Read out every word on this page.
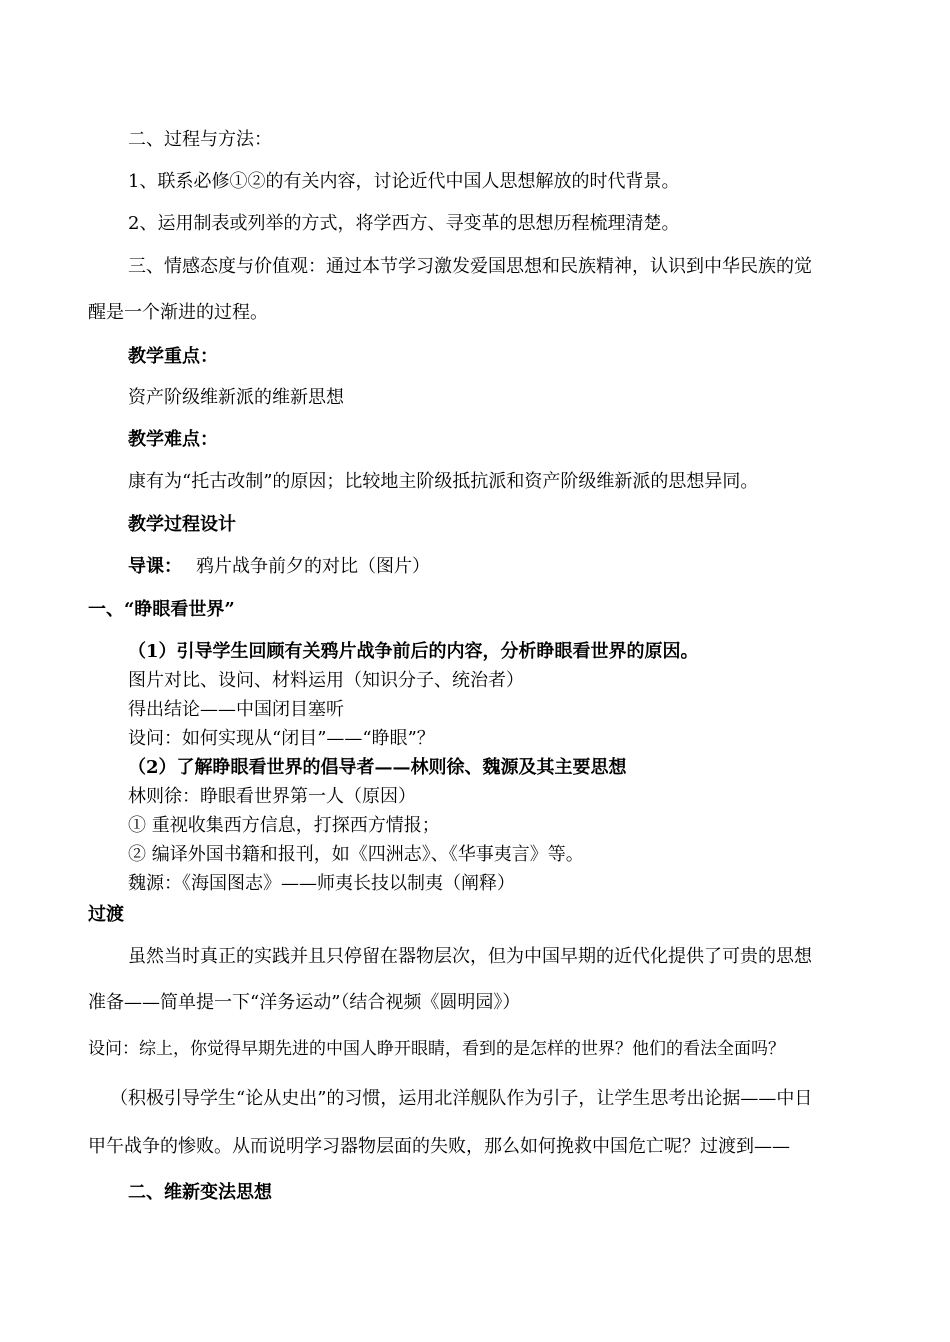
二、过程与方法：
1、联系必修①②的有关内容，讨论近代中国人思想解放的时代背景。
2、运用制表或列举的方式，将学西方、寻变革的思想历程梳理清楚。
三、情感态度与价值观：通过本节学习激发爱国思想和民族精神，认识到中华民族的觉
醒是一个渐进的过程。
教学重点：
资产阶级维新派的维新思想
教学难点：
康有为“托古改制”的原因；比较地主阶级抵抗派和资产阶级维新派的思想异同。
教学过程设计
导课： 鸦片战争前夕的对比（图片）
一、“睁眼看世界”
（1）引导学生回顾有关鸦片战争前后的内容，分析睁眼看世界的原因。
图片对比、设问、材料运用（知识分子、统治者）
得出结论——中国闭目塞听
设问：如何实现从“闭目”——“睁眼”？
（2）了解睁眼看世界的倡导者——林则徐、魏源及其主要思想
林则徐：睁眼看世界第一人（原因）
① 重视收集西方信息，打探西方情报；
② 编译外国书籍和报刊，如《四洲志》、《华事夷言》等。
魏源：《海国图志》——师夷长技以制夷（阐释）
过渡
虽然当时真正的实践并且只停留在器物层次，但为中国早期的近代化提供了可贵的思想
准备——简单提一下“洋务运动”（结合视频《圆明园》）
设问：综上，你觉得早期先进的中国人睁开眼睛，看到的是怎样的世界？他们的看法全面吗？
（积极引导学生“论从史出”的习惯，运用北洋舰队作为引子，让学生思考出论据——中日
甲午战争的惨败。从而说明学习器物层面的失败，那么如何挽救中国危亡呢？过渡到——
二、维新变法思想
